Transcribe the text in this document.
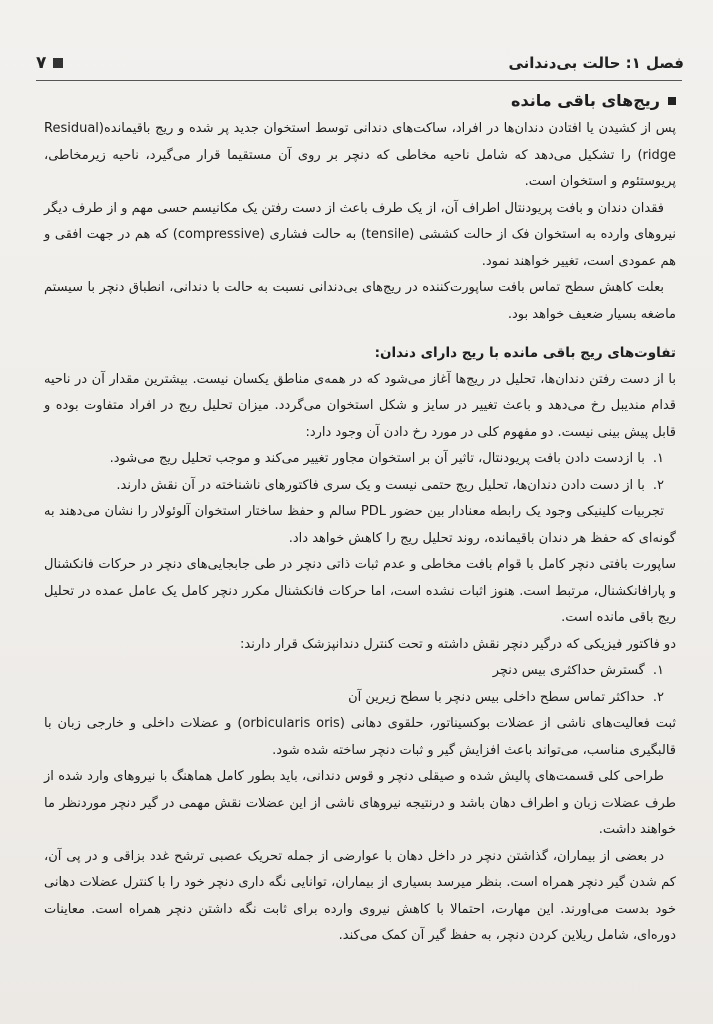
۷	فصل ۱: حالت بی‌دندانی
ریج‌های باقی مانده

پس از کشیدن یا افتادن دندان‌ها در افراد، ساکت‌های دندانی توسط استخوان جدید پر شده و ریج باقیمانده(Residual ridge) را تشکیل می‌دهد که شامل ناحیه مخاطی که دنچر بر روی آن مستقیما قرار می‌گیرد، ناحیه زیرمخاطی، پریوستئوم و استخوان است.

فقدان دندان و بافت پریودنتال اطراف آن، از یک طرف باعث از دست رفتن یک مکانیسم حسی مهم و از طرف دیگر نیروهای وارده به استخوان فک از حالت کششی (tensile) به حالت فشاری (compressive) که هم در جهت افقی و هم عمودی است، تغییر خواهند نمود.

بعلت کاهش سطح تماس بافت ساپورت‌کننده در ریج‌های بی‌دندانی نسبت به حالت با دندانی، انطباق دنچر با سیستم ماضغه بسیار ضعیف خواهد بود.

تفاوت‌های ریج باقی مانده با ریج دارای دندان:

با از دست رفتن دندان‌ها، تحلیل در ریج‌ها آغاز می‌شود که در همه‌ی مناطق یکسان نیست. بیشترین مقدار آن در ناحیه قدام مندیبل رخ می‌دهد و باعث تغییر در سایز و شکل استخوان می‌گردد. میزان تحلیل ریج در افراد متفاوت بوده و قابل پیش بینی نیست. دو مفهوم کلی در مورد رخ دادن آن وجود دارد:

۱.
با ازدست دادن بافت پریودنتال، تاثیر آن بر استخوان مجاور تغییر می‌کند و موجب تحلیل ریج می‌شود.
۲.
با از دست دادن دندان‌ها، تحلیل ریج حتمی نیست و یک سری فاکتورهای ناشناخته در آن نقش دارند.

تجربیات کلینیکی وجود یک رابطه معنادار بین حضور PDL سالم و حفظ ساختار استخوان آلوئولار را نشان می‌دهند به گونه‌ای که حفظ هر دندان باقیمانده، روند تحلیل ریج را کاهش خواهد داد.

ساپورت بافتی دنچر کامل با قوام بافت مخاطی و عدم ثبات ذاتی دنچر در طی جابجایی‌های دنچر در حرکات فانکشنال و پارافانکشنال، مرتبط است. هنوز اثبات نشده است، اما حرکات فانکشنال مکرر دنچر کامل یک عامل عمده در تحلیل ریج باقی مانده است.

دو فاکتور فیزیکی که درگیر دنچر نقش داشته و تحت کنترل دندانپزشک قرار دارند:

۱.
گسترش حداکثری بیس دنچر
۲.
حداکثر تماس سطح داخلی بیس دنچر با سطح زیرین آن

ثبت فعالیت‌های ناشی از عضلات بوکسیناتور، حلقوی دهانی (orbicularis oris) و عضلات داخلی و خارجی زبان با قالبگیری مناسب، می‌تواند باعث افزایش گیر و ثبات دنچر ساخته شده شود.

طراحی کلی قسمت‌های پالیش شده و صیقلی دنچر و قوس دندانی، باید بطور کامل هماهنگ با نیروهای وارد شده از طرف عضلات زبان و اطراف دهان باشد و درنتیجه نیروهای ناشی از این عضلات نقش مهمی در گیر دنچر مورد‌نظر ما خواهند داشت.

در بعضی از بیماران، گذاشتن دنچر در داخل دهان با عوارضی از جمله تحریک عصبی ترشح غدد بزاقی و در پی آن، کم شدن گیر دنچر همراه است. بنظر میرسد بسیاری از بیماران، توانایی نگه داری دنچر خود را با کنترل عضلات دهانی خود بدست می‌اورند. این مهارت، احتمالا با کاهش نیروی وارده برای ثابت نگه داشتن دنچر همراه است. معاینات دوره‌ای، شامل ریلاین کردن دنچر، به حفظ گیر آن کمک می‌کند.
